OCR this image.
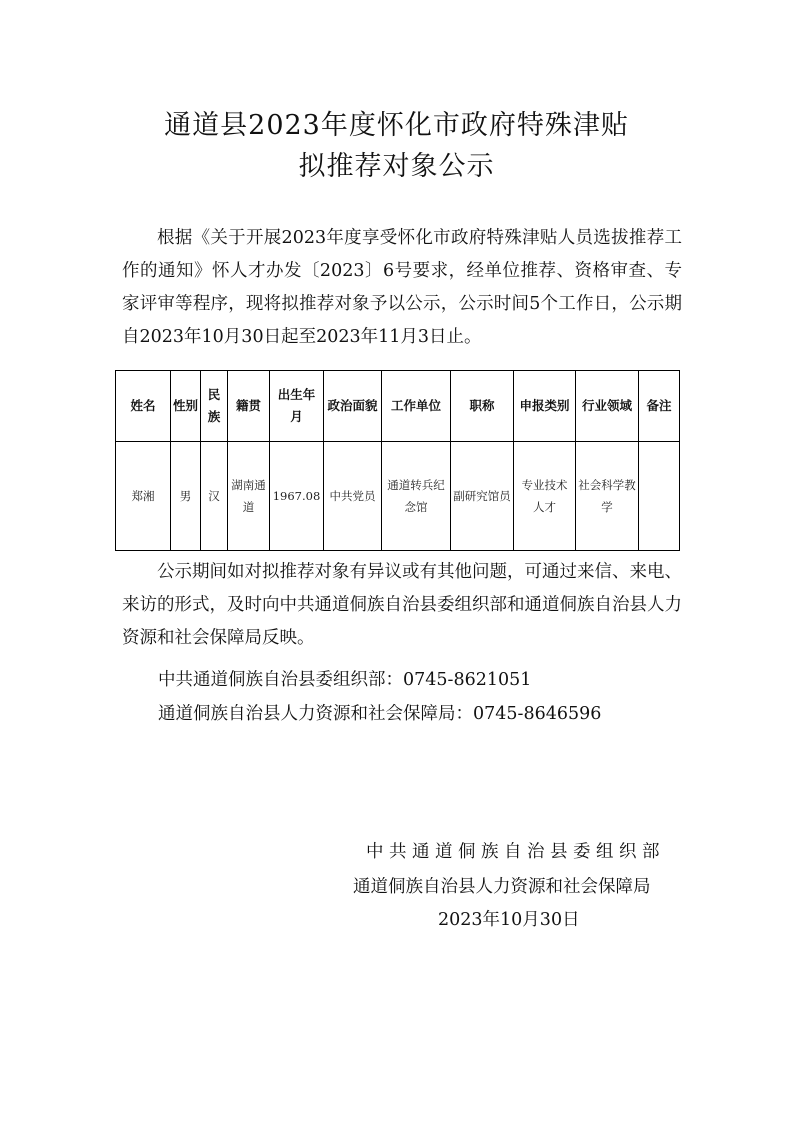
通道县2023年度怀化市政府特殊津贴
拟推荐对象公示

根据《关于开展2023年度享受怀化市政府特殊津贴人员选拔推荐工作的通知》怀人才办发〔2023〕6号要求，经单位推荐、资格审查、专家评审等程序，现将拟推荐对象予以公示，公示时间5个工作日，公示期自2023年10月30日起至2023年11月3日止。

姓名	性别	民族	籍贯	出生年月	政治面貌	工作单位	职称	申报类别	行业领域	备注
郑湘	男	汉	湖南通道	1967.08	中共党员	通道转兵纪念馆	副研究馆员	专业技术人才	社会科学教学	

公示期间如对拟推荐对象有异议或有其他问题，可通过来信、来电、来访的形式，及时向中共通道侗族自治县委组织部和通道侗族自治县人力资源和社会保障局反映。

中共通道侗族自治县委组织部：0745-8621051
通道侗族自治县人力资源和社会保障局：0745-8646596
中共通道侗族自治县委组织部
通道侗族自治县人力资源和社会保障局
2023年10月30日
